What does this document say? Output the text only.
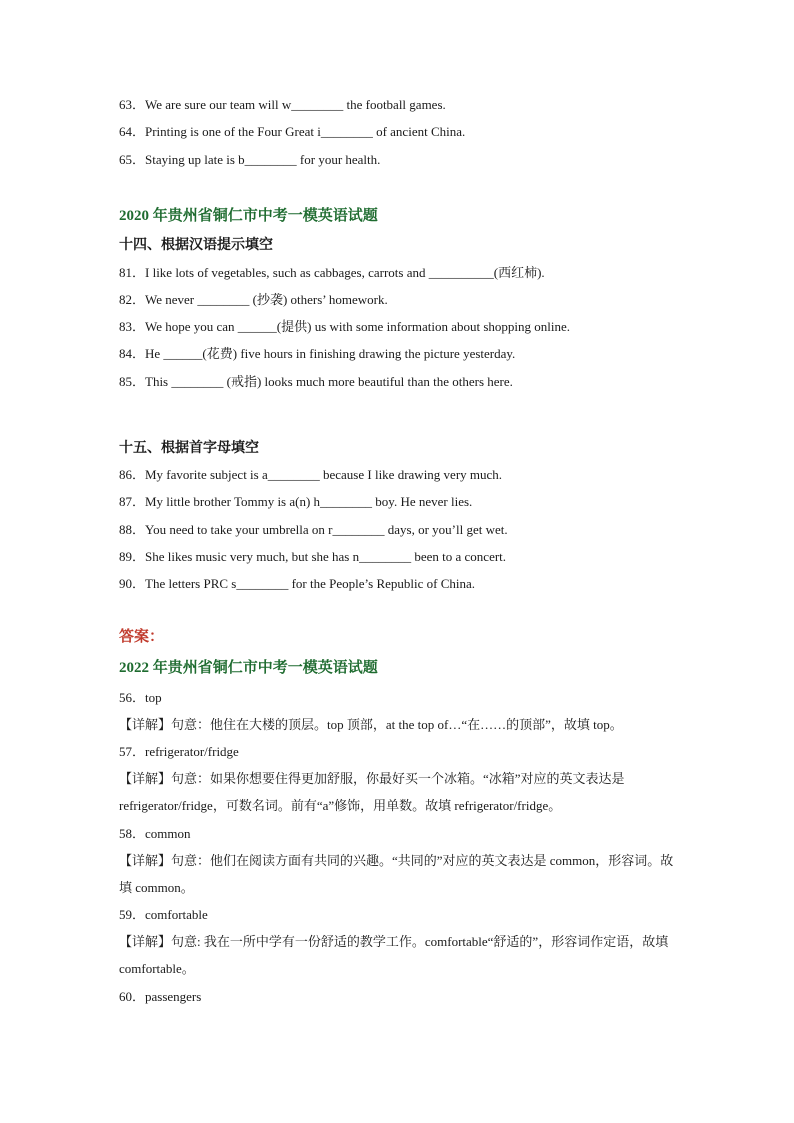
63．We are sure our team will w________ the football games.
64．Printing is one of the Four Great i________ of ancient China.
65．Staying up late is b________ for your health.
2020 年贵州省铜仁市中考一模英语试题
十四、根据汉语提示填空
81．I like lots of vegetables, such as cabbages, carrots and __________(西红柿).
82．We never ________ (抄袭) others’ homework.
83．We hope you can ______(提供) us with some information about shopping online.
84．He ______(花费) five hours in finishing drawing the picture yesterday.
85．This ________ (戒指) looks much more beautiful than the others here.
十五、根据首字母填空
86．My favorite subject is a________ because I like drawing very much.
87．My little brother Tommy is a(n) h________ boy. He never lies.
88．You need to take your umbrella on r________ days, or you’ll get wet.
89．She likes music very much, but she has n________ been to a concert.
90．The letters PRC s________ for the People’s Republic of China.
答案：
2022 年贵州省铜仁市中考一模英语试题
56．top
【详解】句意：他住在大楼的顶层。top 顶部，at the top of…“在……的顶部”，故填 top。
57．refrigerator/fridge
【详解】句意：如果你想要住得更加舒服，你最好买一个冰箱。“冰箱”对应的英文表达是 refrigerator/fridge，可数名词。前有“a”修饰，用单数。故填 refrigerator/fridge。
58．common
【详解】句意：他们在阅读方面有共同的兴趣。“共同的”对应的英文表达是 common，形容词。故填 common。
59．comfortable
【详解】句意: 我在一所中学有一份舒适的教学工作。comfortable“舒适的”，形容词作定语，故填 comfortable。
60．passengers
